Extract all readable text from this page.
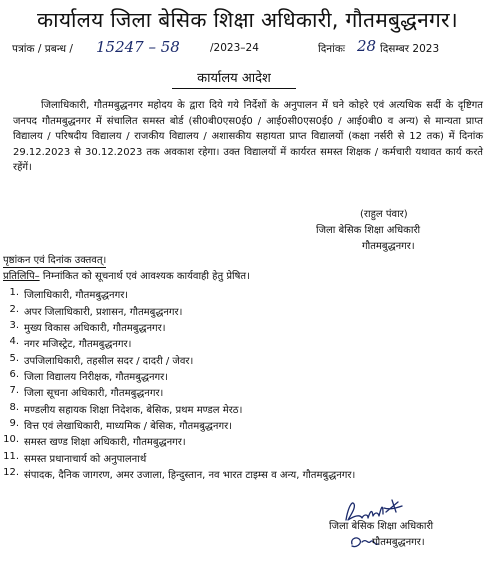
कार्यालय जिला बेसिक शिक्षा अधिकारी, गौतमबुद्धनगर।
पत्रांक / प्रबन्ध / 15247 – 58	/2023–24	दिनांकः 28 दिसम्बर 2023
कार्यालय आदेश
जिलाधिकारी, गौतमबुद्धनगर महोदय के द्वारा दिये गये निर्देशों के अनुपालन में घने कोहरे एवं अत्यधिक सर्दी के दृष्टिगत जनपद गौतमबुद्धनगर में संचालित समस्त बोर्ड (सी0बी0एस0ई0 / आई0सी0एस0ई0 / आई0बी0 व अन्य) से मान्यता प्राप्त विद्यालय / परिषदीय विद्यालय / राजकीय विद्यालय / अशासकीय सहायता प्राप्त विद्यालयों (कक्षा नर्सरी से 12 तक) में दिनांक 29.12.2023 से 30.12.2023 तक अवकाश रहेगा। उक्त विद्यालयों में कार्यरत समस्त शिक्षक / कर्मचारी यथावत कार्य करते रहेंगें।
(राहुल पंवार)
जिला बेसिक शिक्षा अधिकारी
गौतमबुद्धनगर।
पृष्ठांकन एवं दिनांक उक्तवत्।
प्रतिलिपि– निम्नांकित को सूचनार्थ एवं आवश्यक कार्यवाही हेतु प्रेषित।
1. जिलाधिकारी, गौतमबुद्धनगर।
2. अपर जिलाधिकारी, प्रशासन, गौतमबुद्धनगर।
3. मुख्य विकास अधिकारी, गौतमबुद्धनगर।
4. नगर मजिस्ट्रेट, गौतमबुद्धनगर।
5. उपजिलाधिकारी, तहसील सदर / दादरी / जेवर।
6. जिला विद्यालय निरीक्षक, गौतमबुद्धनगर।
7. जिला सूचना अधिकारी, गौतमबुद्धनगर।
8. मण्डलीय सहायक शिक्षा निदेशक, बेसिक, प्रथम मण्डल मेरठ।
9. वित्त एवं लेखाधिकारी, माध्यमिक / बेसिक, गौतमबुद्धनगर।
10. समस्त खण्ड शिक्षा अधिकारी, गौतमबुद्धनगर।
11. समस्त प्रधानाचार्य को अनुपालनार्थ
12. संपादक, दैनिक जागरण, अमर उजाला, हिन्दुस्तान, नव भारत टाइम्स व अन्य, गौतमबुद्धनगर।
जिला बेसिक शिक्षा अधिकारी
गौतमबुद्धनगर।
